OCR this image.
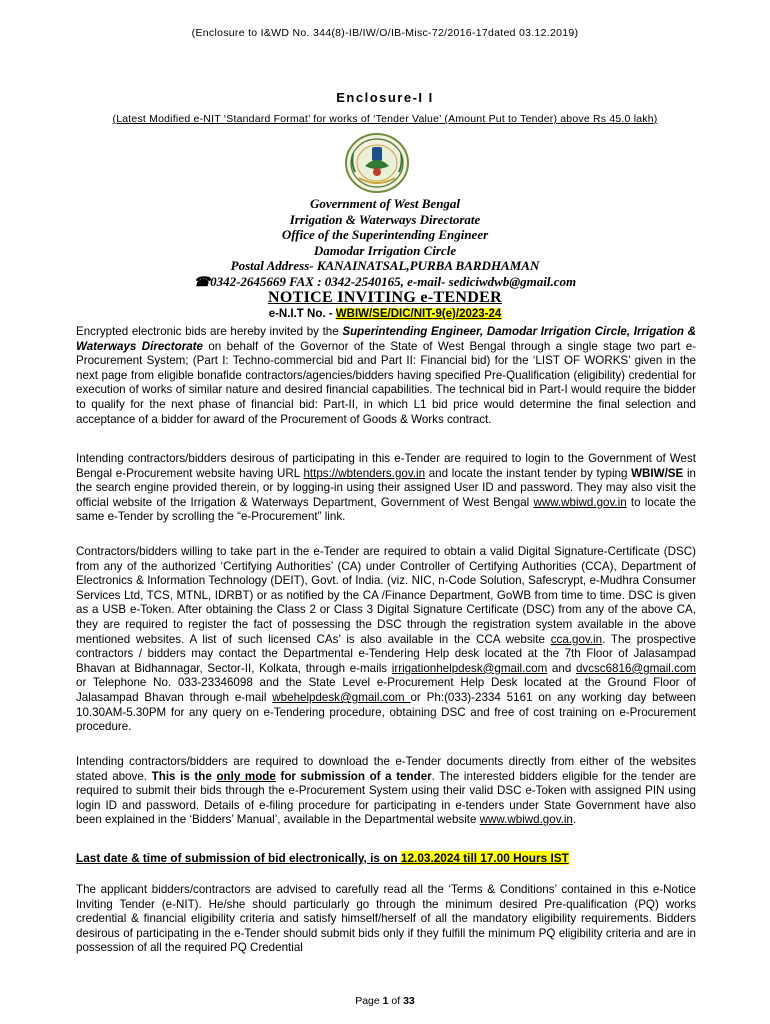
(Enclosure to I&WD No. 344(8)-IB/IW/O/IB-Misc-72/2016-17dated 03.12.2019)
Enclosure-I I
(Latest Modified e-NIT ‘Standard Format’ for works of ‘Tender Value’ (Amount Put to Tender) above Rs 45.0 lakh)
Government of West Bengal
Irrigation & Waterways Directorate
Office of the Superintending Engineer
Damodar Irrigation Circle
Postal Address- KANAINATSAL,PURBA BARDHAMAN
☎0342-2645669 FAX : 0342-2540165, e-mail- sediciwdwb@gmail.com
NOTICE INVITING e-TENDER
e-N.I.T No. - WBIW/SE/DIC/NIT-9(e)/2023-24
Encrypted electronic bids are hereby invited by the Superintending Engineer, Damodar Irrigation Circle, Irrigation & Waterways Directorate on behalf of the Governor of the State of West Bengal through a single stage two part e-Procurement System; (Part I: Techno-commercial bid and Part II: Financial bid) for the ‘LIST OF WORKS’ given in the next page from eligible bonafide contractors/agencies/bidders having specified Pre-Qualification (eligibility) credential for execution of works of similar nature and desired financial capabilities. The technical bid in Part-I would require the bidder to qualify for the next phase of financial bid: Part-II, in which L1 bid price would determine the final selection and acceptance of a bidder for award of the Procurement of Goods & Works contract.
Intending contractors/bidders desirous of participating in this e-Tender are required to login to the Government of West Bengal e-Procurement website having URL https://wbtenders.gov.in and locate the instant tender by typing WBIW/SE in the search engine provided therein, or by logging-in using their assigned User ID and password. They may also visit the official website of the Irrigation & Waterways Department, Government of West Bengal www.wbiwd.gov.in to locate the same e-Tender by scrolling the “e-Procurement” link.
Contractors/bidders willing to take part in the e-Tender are required to obtain a valid Digital Signature-Certificate (DSC) from any of the authorized ‘Certifying Authorities’ (CA) under Controller of Certifying Authorities (CCA), Department of Electronics & Information Technology (DEIT), Govt. of India. (viz. NIC, n-Code Solution, Safescrypt, e-Mudhra Consumer Services Ltd, TCS, MTNL, IDRBT) or as notified by the CA /Finance Department, GoWB from time to time. DSC is given as a USB e-Token. After obtaining the Class 2 or Class 3 Digital Signature Certificate (DSC) from any of the above CA, they are required to register the fact of possessing the DSC through the registration system available in the above mentioned websites. A list of such licensed CAs’ is also available in the CCA website cca.gov.in. The prospective contractors / bidders may contact the Departmental e-Tendering Help desk located at the 7th Floor of Jalasampad Bhavan at Bidhannagar, Sector-II, Kolkata, through e-mails irrigationhelpdesk@gmail.com and dvcsc6816@gmail.com or Telephone No. 033-23346098 and the State Level e-Procurement Help Desk located at the Ground Floor of Jalasampad Bhavan through e-mail wbehelpdesk@gmail.com or Ph:(033)-2334 5161 on any working day between 10.30AM-5.30PM for any query on e-Tendering procedure, obtaining DSC and free of cost training on e-Procurement procedure.
Intending contractors/bidders are required to download the e-Tender documents directly from either of the websites stated above. This is the only mode for submission of a tender. The interested bidders eligible for the tender are required to submit their bids through the e-Procurement System using their valid DSC e-Token with assigned PIN using login ID and password. Details of e-filing procedure for participating in e-tenders under State Government have also been explained in the ‘Bidders’ Manual’, available in the Departmental website www.wbiwd.gov.in.
Last date & time of submission of bid electronically, is on 12.03.2024 till 17.00 Hours IST
The applicant bidders/contractors are advised to carefully read all the ‘Terms & Conditions’ contained in this e-Notice Inviting Tender (e-NIT). He/she should particularly go through the minimum desired Pre-qualification (PQ) works credential & financial eligibility criteria and satisfy himself/herself of all the mandatory eligibility requirements. Bidders desirous of participating in the e-Tender should submit bids only if they fulfill the minimum PQ eligibility criteria and are in possession of all the required PQ Credential
Page 1 of 33
